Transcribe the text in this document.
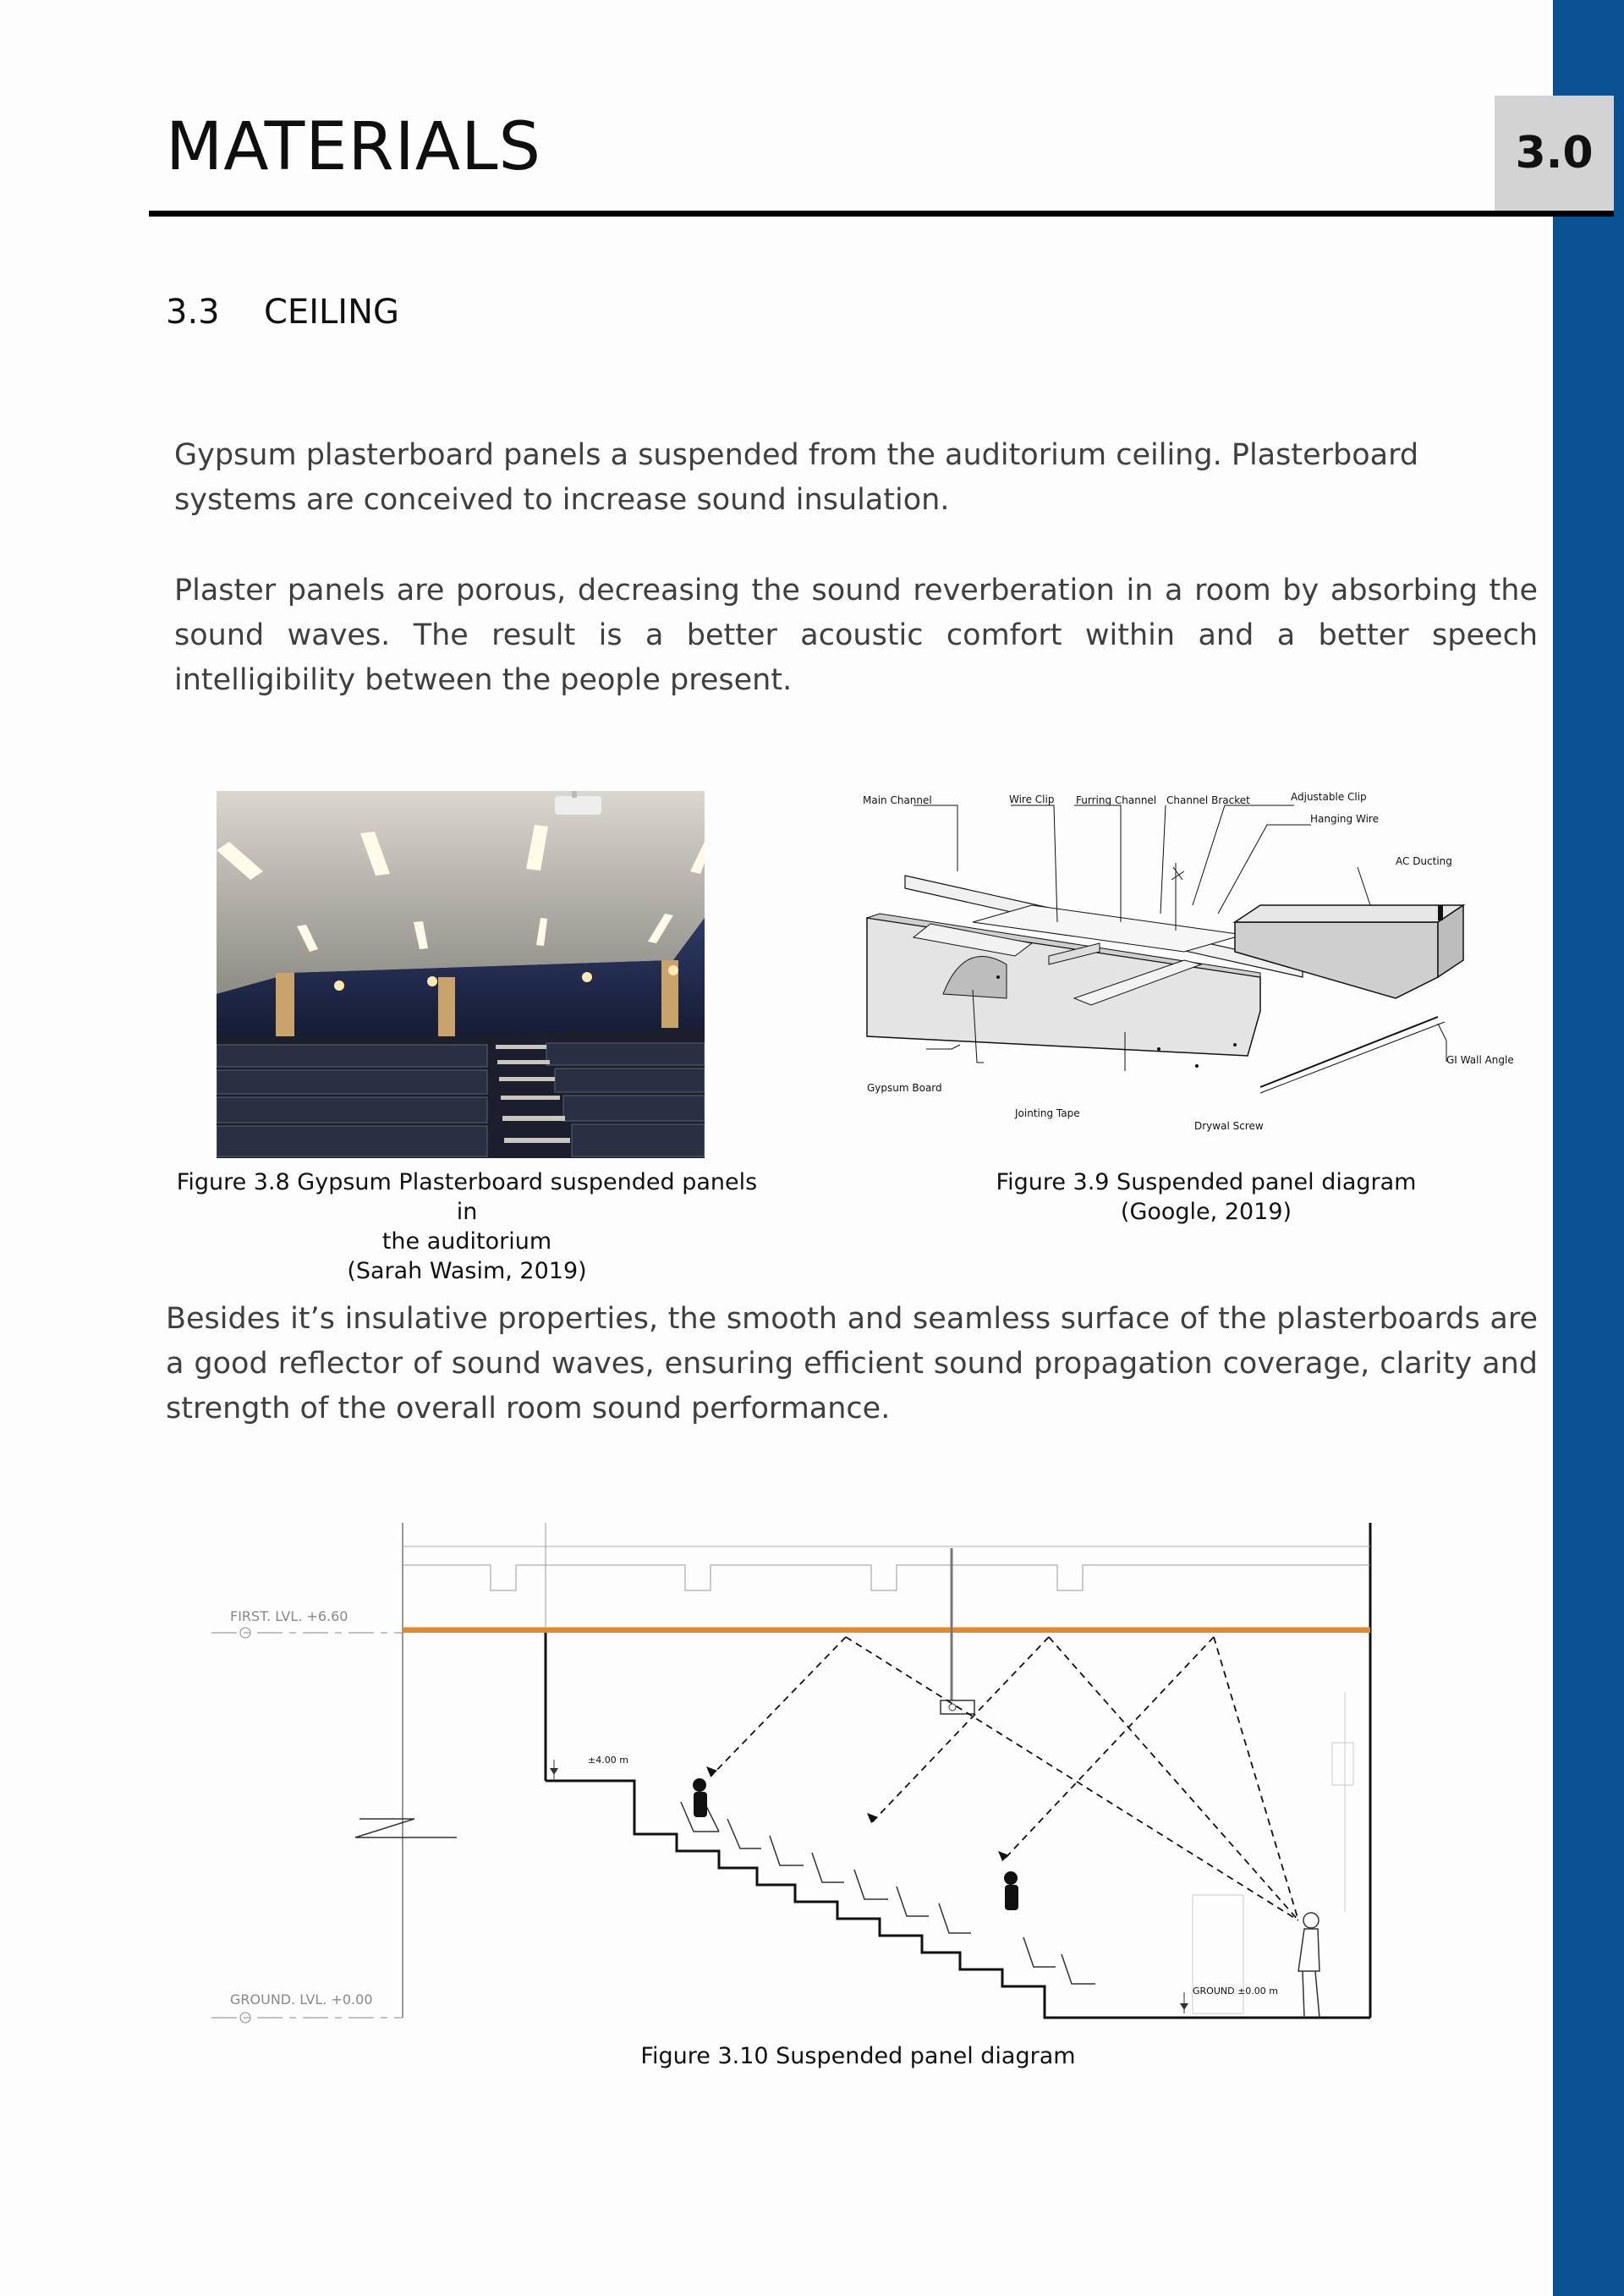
MATERIALS	3.0
3.3 CEILING
Gypsum plasterboard panels a suspended from the auditorium ceiling. Plasterboard systems are conceived to increase sound insulation.
Plaster panels are porous, decreasing the sound reverberation in a room by absorbing the sound waves. The result is a better acoustic comfort within and a better speech intelligibility between the people present.
Main Channel	Wire Clip Furring Channel Channel Bracket	Adjustable Clip
Hanging Wire
AC Ducting
GI Wall Angle
Gypsum Board
Jointing Tape
Drywal Screw
Figure 3.8 Gypsum Plasterboard suspended panels in
the auditorium
(Sarah Wasim, 2019)
Figure 3.9 Suspended panel diagram
(Google, 2019)
Besides it’s insulative properties, the smooth and seamless surface of the plasterboards are a good reflector of sound waves, ensuring efficient sound propagation coverage, clarity and strength of the overall room sound performance.
FIRST. LVL. +6.60
GROUND. LVL. +0.00
±4.00 m
GROUND ±0.00 m
Figure 3.10 Suspended panel diagram
